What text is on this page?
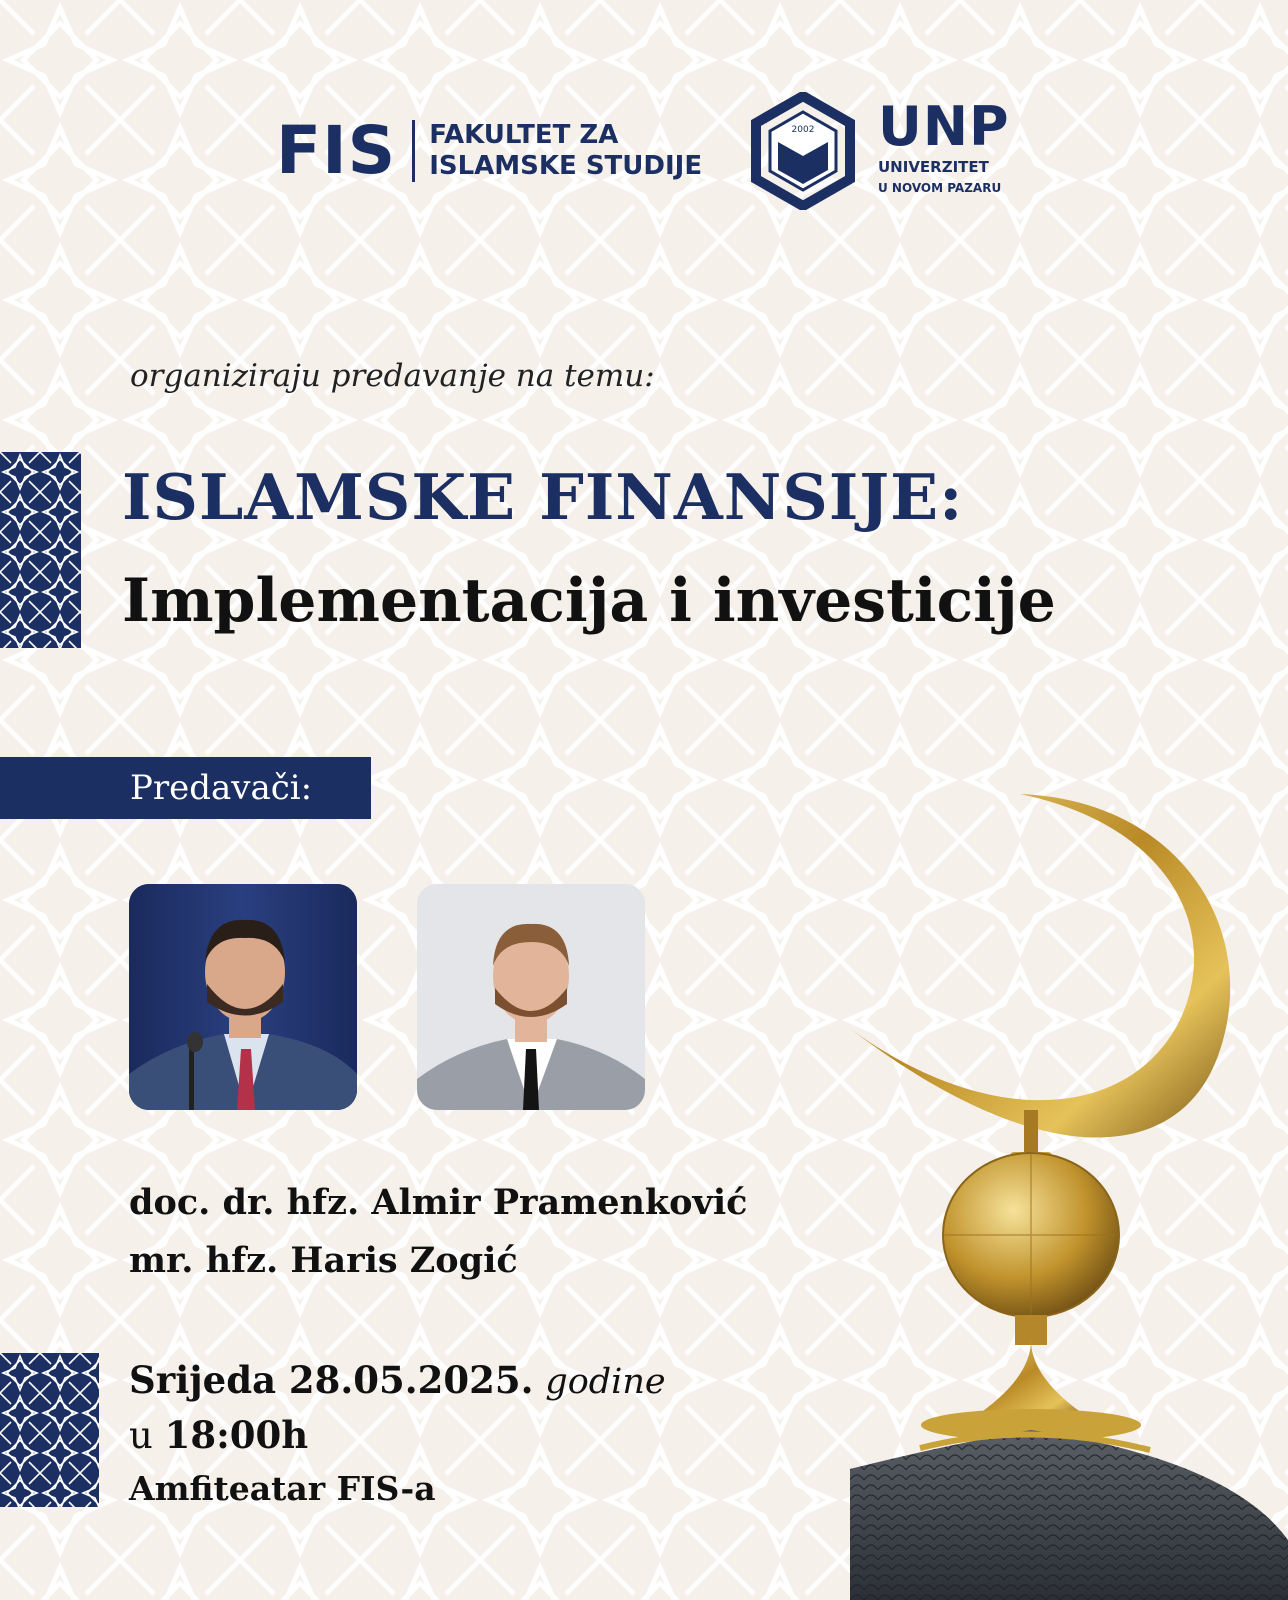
FIS FAKULTET ZA
ISLAMSKE STUDIJE
2002 UNP
UNIVERZITET
U NOVOM PAZARU
organiziraju predavanje na temu:
ISLAMSKE FINANSIJE:
Implementacija i investicije
Predavači:
doc. dr. hfz. Almir Pramenković
mr. hfz. Haris Zogić
Srijeda 28.05.2025. godine
u 18:00h
Amfiteatar FIS-a
